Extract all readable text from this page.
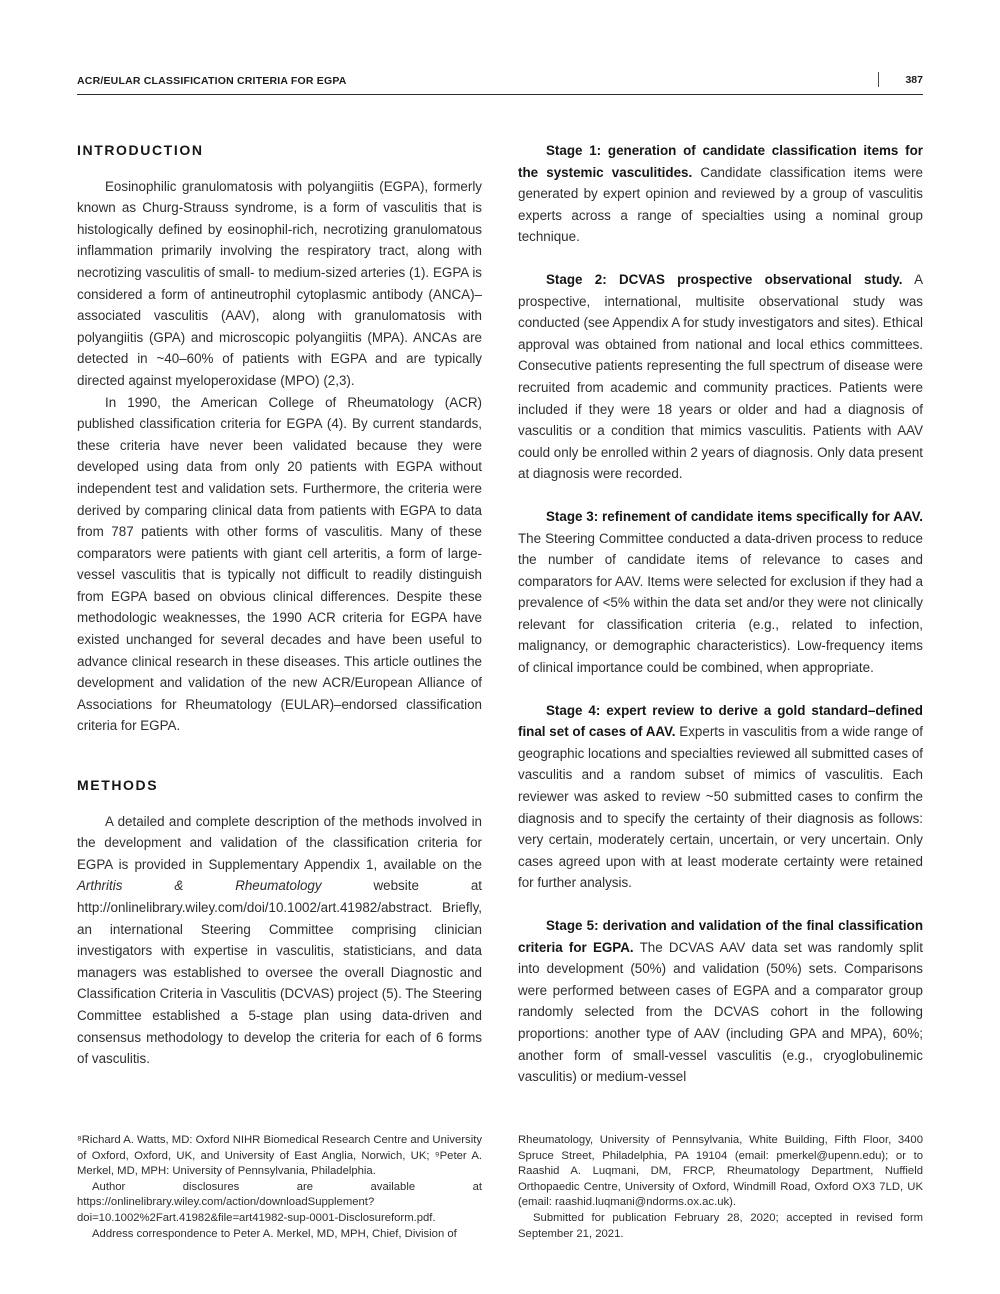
ACR/EULAR CLASSIFICATION CRITERIA FOR EGPA	387
INTRODUCTION

Eosinophilic granulomatosis with polyangiitis (EGPA), formerly known as Churg-Strauss syndrome, is a form of vasculitis that is histologically defined by eosinophil-rich, necrotizing granulomatous inflammation primarily involving the respiratory tract, along with necrotizing vasculitis of small- to medium-sized arteries (1). EGPA is considered a form of antineutrophil cytoplasmic antibody (ANCA)–associated vasculitis (AAV), along with granulomatosis with polyangiitis (GPA) and microscopic polyangiitis (MPA). ANCAs are detected in ~40–60% of patients with EGPA and are typically directed against myeloperoxidase (MPO) (2,3).

In 1990, the American College of Rheumatology (ACR) published classification criteria for EGPA (4). By current standards, these criteria have never been validated because they were developed using data from only 20 patients with EGPA without independent test and validation sets. Furthermore, the criteria were derived by comparing clinical data from patients with EGPA to data from 787 patients with other forms of vasculitis. Many of these comparators were patients with giant cell arteritis, a form of large-vessel vasculitis that is typically not difficult to readily distinguish from EGPA based on obvious clinical differences. Despite these methodologic weaknesses, the 1990 ACR criteria for EGPA have existed unchanged for several decades and have been useful to advance clinical research in these diseases. This article outlines the development and validation of the new ACR/European Alliance of Associations for Rheumatology (EULAR)–endorsed classification criteria for EGPA.

METHODS

A detailed and complete description of the methods involved in the development and validation of the classification criteria for EGPA is provided in Supplementary Appendix 1, available on the Arthritis & Rheumatology website at http://onlinelibrary.wiley.com/doi/10.1002/art.41982/abstract. Briefly, an international Steering Committee comprising clinician investigators with expertise in vasculitis, statisticians, and data managers was established to oversee the overall Diagnostic and Classification Criteria in Vasculitis (DCVAS) project (5). The Steering Committee established a 5-stage plan using data-driven and consensus methodology to develop the criteria for each of 6 forms of vasculitis.

Stage 1: generation of candidate classification items for the systemic vasculitides. Candidate classification items were generated by expert opinion and reviewed by a group of vasculitis experts across a range of specialties using a nominal group technique.

Stage 2: DCVAS prospective observational study. A prospective, international, multisite observational study was conducted (see Appendix A for study investigators and sites). Ethical approval was obtained from national and local ethics committees. Consecutive patients representing the full spectrum of disease were recruited from academic and community practices. Patients were included if they were 18 years or older and had a diagnosis of vasculitis or a condition that mimics vasculitis. Patients with AAV could only be enrolled within 2 years of diagnosis. Only data present at diagnosis were recorded.

Stage 3: refinement of candidate items specifically for AAV. The Steering Committee conducted a data-driven process to reduce the number of candidate items of relevance to cases and comparators for AAV. Items were selected for exclusion if they had a prevalence of <5% within the data set and/or they were not clinically relevant for classification criteria (e.g., related to infection, malignancy, or demographic characteristics). Low-frequency items of clinical importance could be combined, when appropriate.

Stage 4: expert review to derive a gold standard–defined final set of cases of AAV. Experts in vasculitis from a wide range of geographic locations and specialties reviewed all submitted cases of vasculitis and a random subset of mimics of vasculitis. Each reviewer was asked to review ~50 submitted cases to confirm the diagnosis and to specify the certainty of their diagnosis as follows: very certain, moderately certain, uncertain, or very uncertain. Only cases agreed upon with at least moderate certainty were retained for further analysis.

Stage 5: derivation and validation of the final classification criteria for EGPA. The DCVAS AAV data set was randomly split into development (50%) and validation (50%) sets. Comparisons were performed between cases of EGPA and a comparator group randomly selected from the DCVAS cohort in the following proportions: another type of AAV (including GPA and MPA), 60%; another form of small-vessel vasculitis (e.g., cryoglobulinemic vasculitis) or medium-vessel

⁸Richard A. Watts, MD: Oxford NIHR Biomedical Research Centre and University of Oxford, Oxford, UK, and University of East Anglia, Norwich, UK; ⁹Peter A. Merkel, MD, MPH: University of Pennsylvania, Philadelphia.

Author disclosures are available at https://onlinelibrary.wiley.com/action/downloadSupplement?doi=10.1002%2Fart.41982&file=art41982-sup-0001-Disclosureform.pdf.

Address correspondence to Peter A. Merkel, MD, MPH, Chief, Division of

Rheumatology, University of Pennsylvania, White Building, Fifth Floor, 3400 Spruce Street, Philadelphia, PA 19104 (email: pmerkel@upenn.edu); or to Raashid A. Luqmani, DM, FRCP, Rheumatology Department, Nuffield Orthopaedic Centre, University of Oxford, Windmill Road, Oxford OX3 7LD, UK (email: raashid.luqmani@ndorms.ox.ac.uk).

Submitted for publication February 28, 2020; accepted in revised form September 21, 2021.
